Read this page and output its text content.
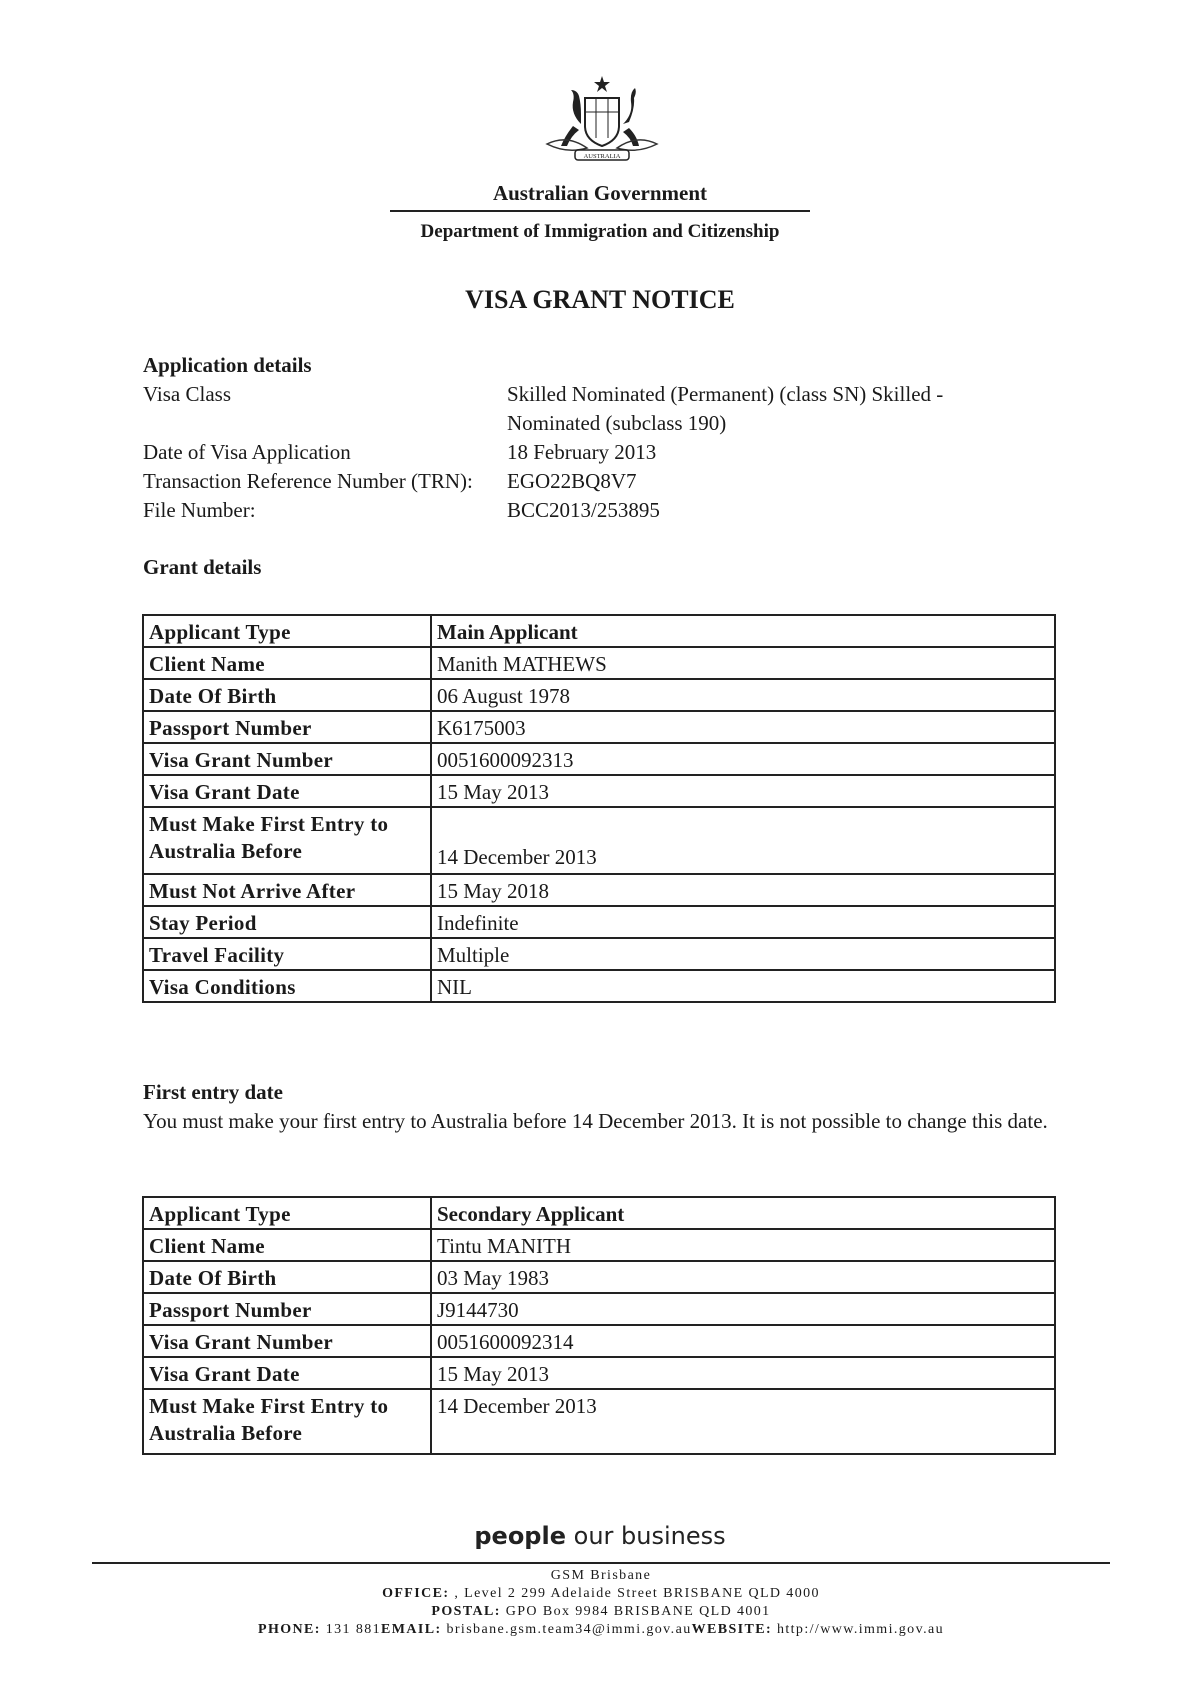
AUSTRALIA
Australian Government
Department of Immigration and Citizenship
VISA GRANT NOTICE
Application details
Visa Class	Skilled Nominated (Permanent) (class SN) Skilled - Nominated (subclass 190)
Date of Visa Application	18 February 2013
Transaction Reference Number (TRN): EGO22BQ8V7
File Number:	BCC2013/253895
Grant details
Applicant Type	Main Applicant
Client Name	Manith MATHEWS
Date Of Birth	06 August 1978
Passport Number	K6175003
Visa Grant Number	0051600092313
Visa Grant Date	15 May 2013
Must Make First Entry to Australia Before	14 December 2013
Must Not Arrive After	15 May 2018
Stay Period	Indefinite
Travel Facility	Multiple
Visa Conditions	NIL
First entry date
You must make your first entry to Australia before 14 December 2013. It is not possible to change this date.
Applicant Type	Secondary Applicant
Client Name	Tintu MANITH
Date Of Birth	03 May 1983
Passport Number	J9144730
Visa Grant Number	0051600092314
Visa Grant Date	15 May 2013
Must Make First Entry to Australia Before	14 December 2013
people our business
GSM Brisbane
OFFICE: , Level 2 299 Adelaide Street BRISBANE QLD 4000
POSTAL: GPO Box 9984 BRISBANE QLD 4001
PHONE: 131 881EMAIL: brisbane.gsm.team34@immi.gov.auWEBSITE: http://www.immi.gov.au
